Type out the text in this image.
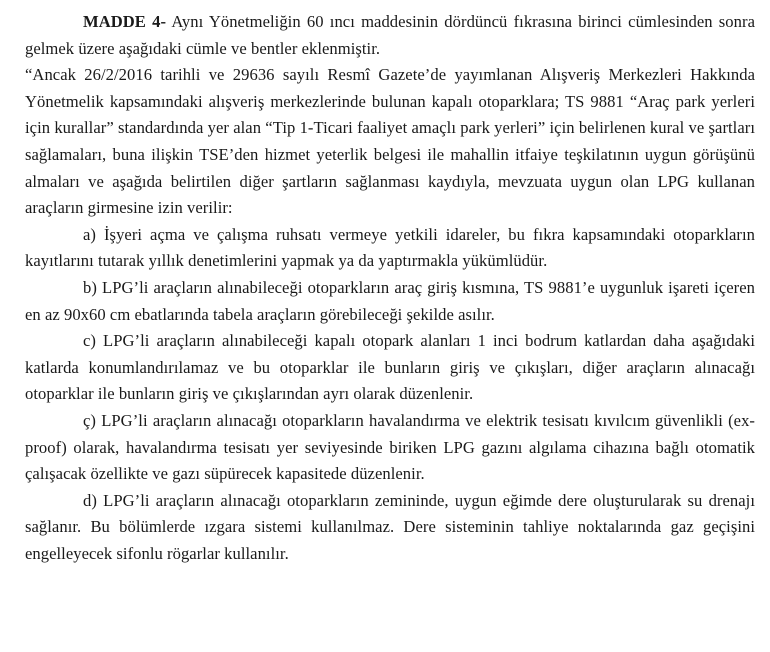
MADDE 4- Aynı Yönetmeliğin 60 ıncı maddesinin dördüncü fıkrasına birinci cümlesinden sonra gelmek üzere aşağıdaki cümle ve bentler eklenmiştir.

“Ancak 26/2/2016 tarihli ve 29636 sayılı Resmî Gazete’de yayımlanan Alışveriş Merkezleri Hakkında Yönetmelik kapsamındaki alışveriş merkezlerinde bulunan kapalı otoparklara; TS 9881 “Araç park yerleri için kurallar” standardında yer alan “Tip 1-Ticari faaliyet amaçlı park yerleri” için belirlenen kural ve şartları sağlamaları, buna ilişkin TSE’den hizmet yeterlik belgesi ile mahallin itfaiye teşkilatının uygun görüşünü almaları ve aşağıda belirtilen diğer şartların sağlanması kaydıyla, mevzuata uygun olan LPG kullanan araçların girmesine izin verilir:

a) İşyeri açma ve çalışma ruhsatı vermeye yetkili idareler, bu fıkra kapsamındaki otoparkların kayıtlarını tutarak yıllık denetimlerini yapmak ya da yaptırmakla yükümlüdür.

b) LPG’li araçların alınabileceği otoparkların araç giriş kısmına, TS 9881’e uygunluk işareti içeren en az 90x60 cm ebatlarında tabela araçların görebileceği şekilde asılır.

c) LPG’li araçların alınabileceği kapalı otopark alanları 1 inci bodrum katlardan daha aşağıdaki katlarda konumlandırılamaz ve bu otoparklar ile bunların giriş ve çıkışları, diğer araçların alınacağı otoparklar ile bunların giriş ve çıkışlarından ayrı olarak düzenlenir.

ç) LPG’li araçların alınacağı otoparkların havalandırma ve elektrik tesisatı kıvılcım güvenlikli (ex-proof) olarak, havalandırma tesisatı yer seviyesinde biriken LPG gazını algılama cihazına bağlı otomatik çalışacak özellikte ve gazı süpürecek kapasitede düzenlenir.

d) LPG’li araçların alınacağı otoparkların zemininde, uygun eğimde dere oluşturularak su drenajı sağlanır. Bu bölümlerde ızgara sistemi kullanılmaz. Dere sisteminin tahliye noktalarında gaz geçişini engelleyecek sifonlu rögarlar kullanılır.
